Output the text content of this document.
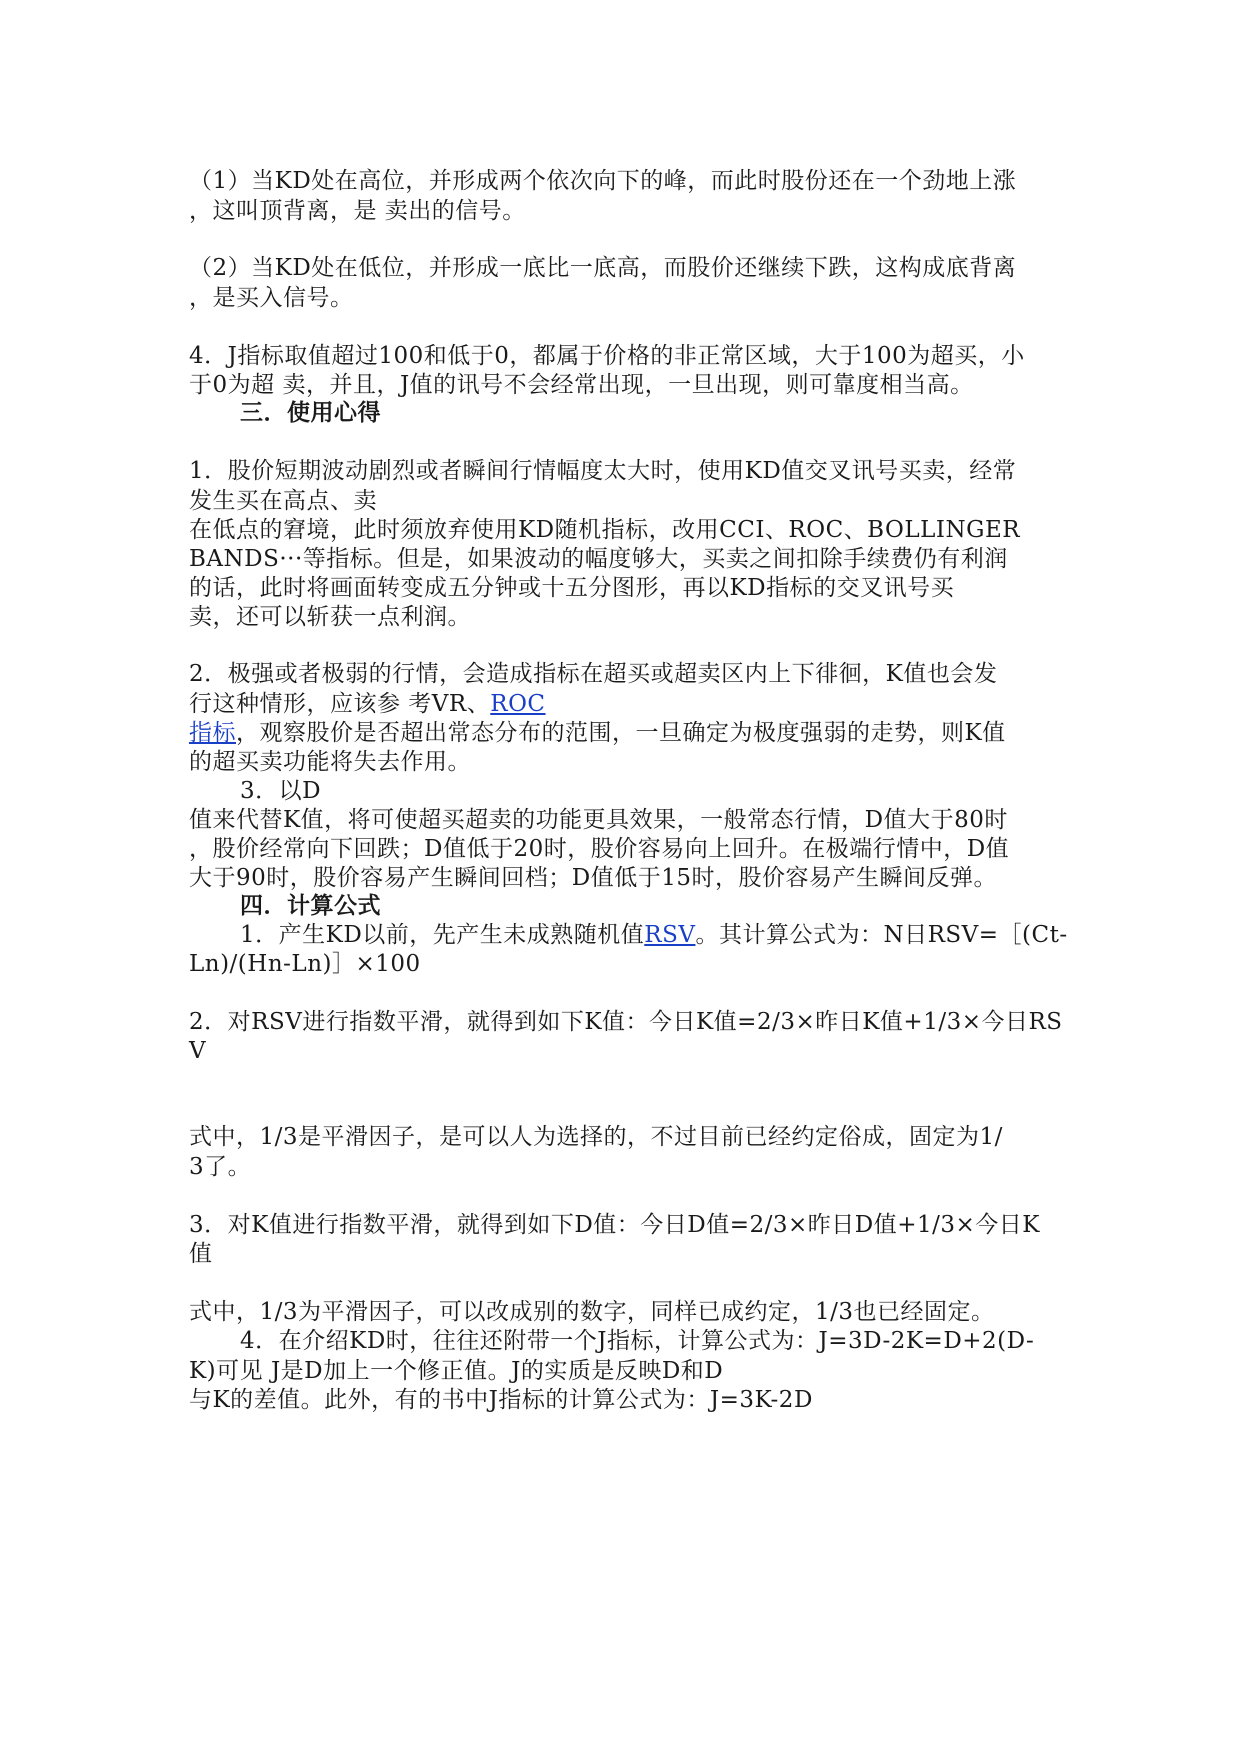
（1）当KD处在高位，并形成两个依次向下的峰，而此时股份还在一个劲地上涨
，这叫顶背离，是 卖出的信号。
（2）当KD处在低位，并形成一底比一底高，而股价还继续下跌，这构成底背离
，是买入信号。
4．J指标取值超过100和低于0，都属于价格的非正常区域，大于100为超买，小
于0为超 卖，并且，J值的讯号不会经常出现，一旦出现，则可靠度相当高。
三．使用心得
1．股价短期波动剧烈或者瞬间行情幅度太大时，使用KD值交叉讯号买卖，经常
发生买在高点、卖
在低点的窘境，此时须放弃使用KD随机指标，改用CCI、ROC、BOLLINGER
BANDS···等指标。但是，如果波动的幅度够大，买卖之间扣除手续费仍有利润
的话，此时将画面转变成五分钟或十五分图形，再以KD指标的交叉讯号买
卖，还可以斩获一点利润。
2．极强或者极弱的行情，会造成指标在超买或超卖区内上下徘徊，K值也会发
行这种情形，应该参 考VR、ROC
指标，观察股价是否超出常态分布的范围，一旦确定为极度强弱的走势，则K值
的超买卖功能将失去作用。
3．以D
值来代替K值，将可使超买超卖的功能更具效果，一般常态行情，D值大于80时
，股价经常向下回跌；D值低于20时，股价容易向上回升。在极端行情中，D值
大于90时，股价容易产生瞬间回档；D值低于15时，股价容易产生瞬间反弹。
四．计算公式
1．产生KD以前，先产生未成熟随机值RSV。其计算公式为：N日RSV=［(Ct-
Ln)/(Hn-Ln)］×100
2．对RSV进行指数平滑，就得到如下K值：今日K值=2/3×昨日K值+1/3×今日RS
V
式中，1/3是平滑因子，是可以人为选择的，不过目前已经约定俗成，固定为1/
3了。
3．对K值进行指数平滑，就得到如下D值：今日D值=2/3×昨日D值+1/3×今日K
值
式中，1/3为平滑因子，可以改成别的数字，同样已成约定，1/3也已经固定。
4．在介绍KD时，往往还附带一个J指标，计算公式为：J=3D-2K=D+2(D-
K)可见 J是D加上一个修正值。J的实质是反映D和D
与K的差值。此外，有的书中J指标的计算公式为：J=3K-2D
